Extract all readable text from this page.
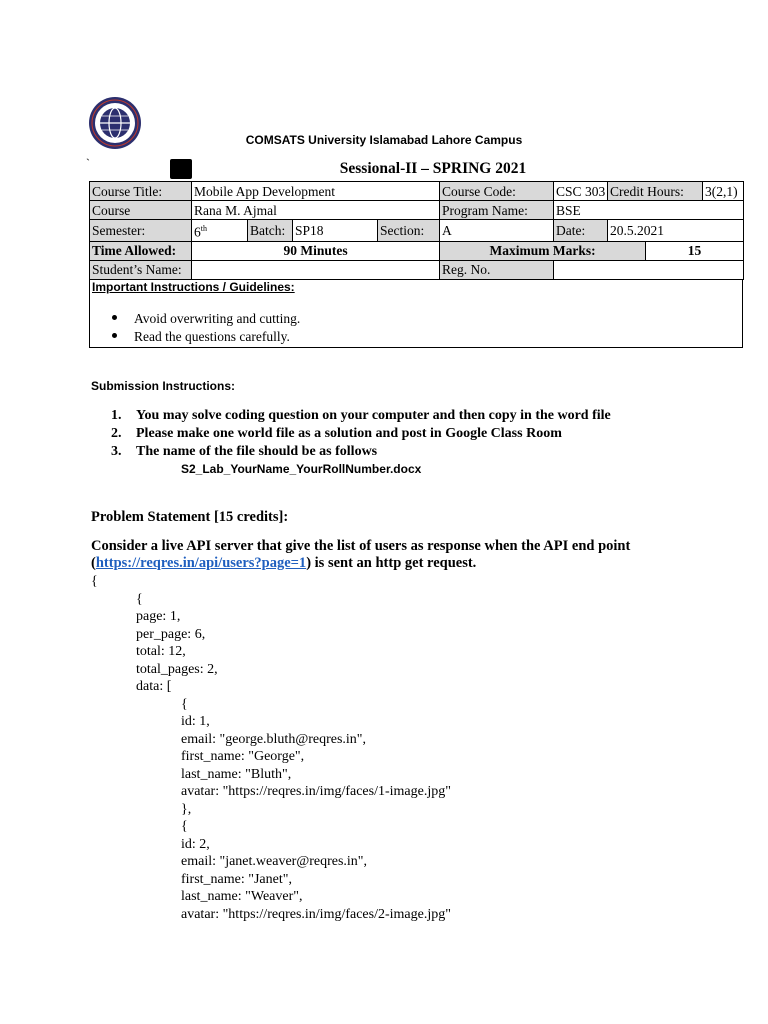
COMSATS University Islamabad Lahore Campus
`	Sessional-II – SPRING 2021
Course Title:	Mobile App Development				Course Code:	CSC 303	Credit Hours:		3(2,1)
Course	Rana M. Ajmal				Program Name:	BSE			
Semester:	6th	Batch:	SP18	Section:	A	Date:	20.5.2021		
Time Allowed:	90 Minutes				Maximum Marks:			15	
Student’s Name:					Reg. No.				
Important Instructions / Guidelines:
Avoid overwriting and cutting.
Read the questions carefully.
Submission Instructions:
1. You may solve coding question on your computer and then copy in the word file
2. Please make one world file as a solution and post in Google Class Room
3. The name of the file should be as follows
S2_Lab_YourName_YourRollNumber.docx
Problem Statement [15 credits]:
Consider a live API server that give the list of users as response when the API end point
(https://reqres.in/api/users?page=1) is sent an http get request.
{
{
page: 1,
per_page: 6,
total: 12,
total_pages: 2,
data: [
{
id: 1,
email: "george.bluth@reqres.in",
first_name: "George",
last_name: "Bluth",
avatar: "https://reqres.in/img/faces/1-image.jpg"
},
{
id: 2,
email: "janet.weaver@reqres.in",
first_name: "Janet",
last_name: "Weaver",
avatar: "https://reqres.in/img/faces/2-image.jpg"
